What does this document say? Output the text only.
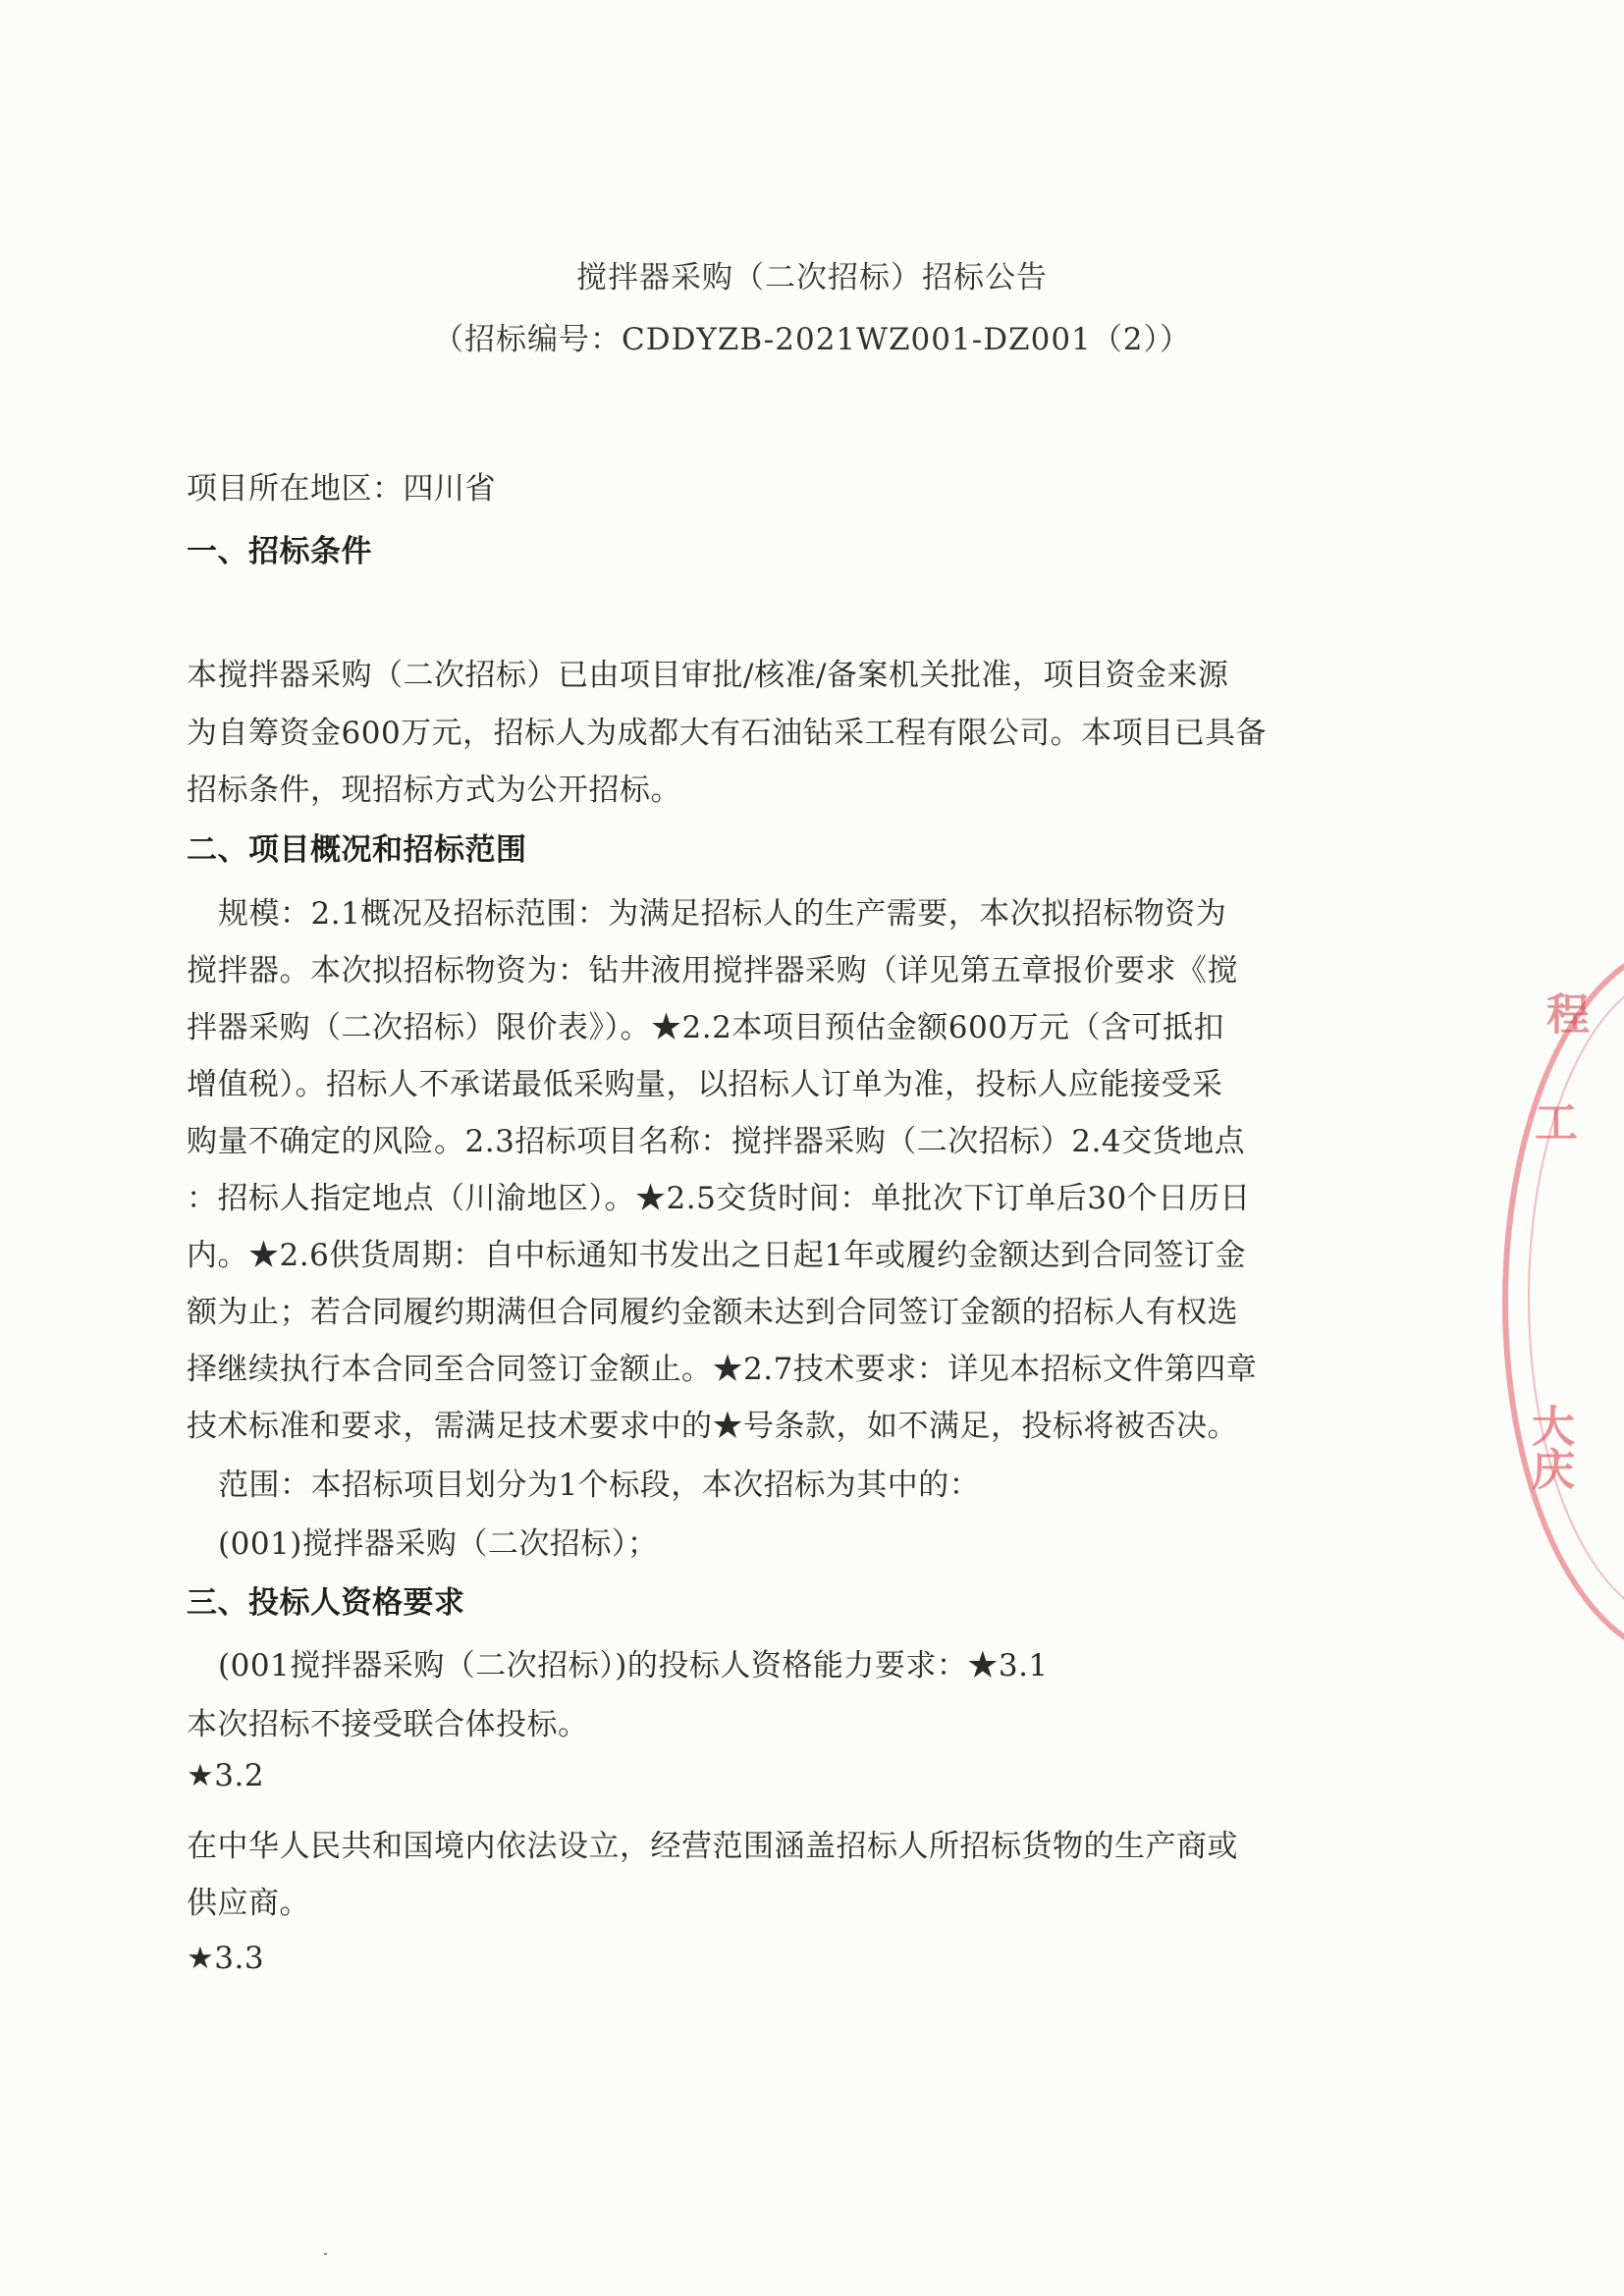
搅拌器采购（二次招标）招标公告
（招标编号：CDDYZB-2021WZ001-DZ001（2））
项目所在地区：四川省
一、招标条件
本搅拌器采购（二次招标）已由项目审批/核准/备案机关批准，项目资金来源
为自筹资金600万元，招标人为成都大有石油钻采工程有限公司。本项目已具备
招标条件，现招标方式为公开招标。
二、项目概况和招标范围
规模：2.1概况及招标范围：为满足招标人的生产需要，本次拟招标物资为
搅拌器。本次拟招标物资为：钻井液用搅拌器采购（详见第五章报价要求《搅
拌器采购（二次招标）限价表》）。★2.2本项目预估金额600万元（含可抵扣
增值税）。招标人不承诺最低采购量，以招标人订单为准，投标人应能接受采
购量不确定的风险。2.3招标项目名称：搅拌器采购（二次招标）2.4交货地点
：招标人指定地点（川渝地区）。★2.5交货时间：单批次下订单后30个日历日
内。★2.6供货周期：自中标通知书发出之日起1年或履约金额达到合同签订金
额为止；若合同履约期满但合同履约金额未达到合同签订金额的招标人有权选
择继续执行本合同至合同签订金额止。★2.7技术要求：详见本招标文件第四章
技术标准和要求，需满足技术要求中的★号条款，如不满足，投标将被否决。
范围：本招标项目划分为1个标段，本次招标为其中的：
(001)搅拌器采购（二次招标）；
三、投标人资格要求
(001搅拌器采购（二次招标）)的投标人资格能力要求：★3.1
本次招标不接受联合体投标。
★3.2
在中华人民共和国境内依法设立，经营范围涵盖招标人所招标货物的生产商或
供应商。
★3.3
程
工
大庆
